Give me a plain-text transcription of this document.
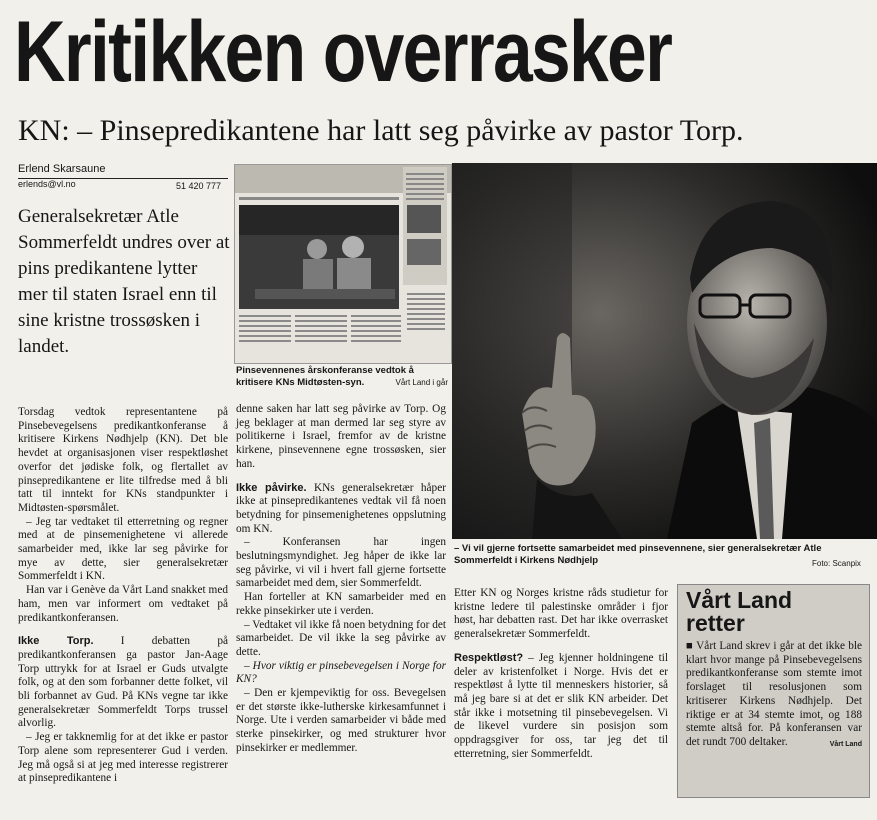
Kritikken overrasker
KN: – Pinsepredikantene har latt seg påvirke av pastor Torp.
Erlend Skarsaune
erlends@vl.no	51 420 777
Generalsekretær Atle Sommerfeldt undres over at pins predikantene lytter mer til staten Israel enn til sine kristne trossøsken i landet.

Torsdag vedtok representantene på Pinsebevegelsens predikantkonferanse å kritisere Kirkens Nødhjelp (KN). Det ble hevdet at organisasjonen viser respektløshet overfor det jødiske folk, og flertallet av pinsepredikantene er lite tilfredse med å bli tatt til inntekt for KNs standpunkter i Midtøsten-spørsmålet.

– Jeg tar vedtaket til etterretning og regner med at de pinsemenighetene vi allerede samarbeider med, ikke lar seg påvirke for mye av dette, sier generalsekretær Sommerfeldt i KN.

Han var i Genève da Vårt Land snakket med ham, men var informert om vedtaket på predikantkonferansen.

Ikke Torp. I debatten på predikantkonferansen ga pastor Jan-Aage Torp uttrykk for at Israel er Guds utvalgte folk, og at den som forbanner dette folket, vil bli forbannet av Gud. På KNs vegne tar ikke generalsekretær Sommerfeldt Torps trussel alvorlig.

– Jeg er takknemlig for at det ikke er pastor Torp alene som representerer Gud i verden. Jeg må også si at jeg med interesse registrerer at pinsepredikantene i

Pinsevennenes årskonferanse vedtok å kritisere KNs Midtøsten-syn.	Vårt Land i går

denne saken har latt seg påvirke av Torp. Og jeg beklager at man dermed lar seg styre av politikerne i Israel, fremfor av de kristne kirkene, pinsevennene egne trossøsken, sier han.

Ikke påvirke. KNs generalsekretær håper ikke at pinsepredikantenes vedtak vil få noen betydning for pinsemenighetenes oppslutning om KN.

– Konferansen har ingen beslutningsmyndighet. Jeg håper de ikke lar seg påvirke, vi vil i hvert fall gjerne fortsette samarbeidet med dem, sier Sommerfeldt.

Han forteller at KN samarbeider med en rekke pinsekirker ute i verden.

– Vedtaket vil ikke få noen betydning for det samarbeidet. De vil ikke la seg påvirke av dette.

– Hvor viktig er pinsebevegelsen i Norge for KN?

– Den er kjempeviktig for oss. Bevegelsen er det største ikke-lutherske kirkesamfunnet i Norge. Ute i verden samarbeider vi både med sterke pinsekirker, og med strukturer hvor pinsekirker er medlemmer.

– Vi vil gjerne fortsette samarbeidet med pinsevennene, sier generalsekretær Atle Sommerfeldt i Kirkens Nødhjelp	Foto: Scanpix

Etter KN og Norges kristne råds studietur for kristne ledere til palestinske områder i fjor høst, har debatten rast. Det har ikke overrasket generalsekretær Sommerfeldt.

Respektløst? – Jeg kjenner holdningene til deler av kristenfolket i Norge. Hvis det er respektløst å lytte til menneskers historier, så må jeg bare si at det er slik KN arbeider. Det står ikke i motsetning til pinsebevegelsen. Vi de likevel vurdere sin posisjon som oppdragsgiver for oss, tar jeg det til etterretning, sier Sommerfeldt.

Vårt Land
retter
■ Vårt Land skrev i går at det ikke ble klart hvor mange på Pinsebevegelsens predikantkonferanse som stemte imot forslaget til resolusjonen som kritiserer Kirkens Nødhjelp. Det riktige er at 34 stemte imot, og 188 stemte altså for. På konferansen var det rundt 700 deltaker.	Vårt Land
